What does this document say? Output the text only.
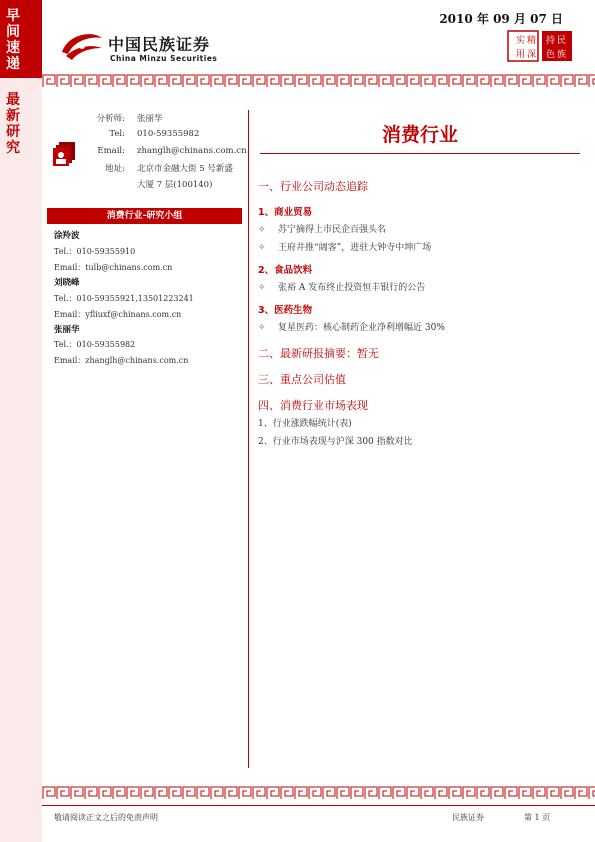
早间速递
最新研究
2010 年 09 月 07 日
中国民族证券
China Minzu Securities
实 精
用 深
持 民
色 族
分析师: 张丽华
Tel: 010-59355982
Email: zhanglh@chinans.com.cn
地址: 北京市金融大街 5 号新盛
大厦 7 层(100140)
消费行业-研究小组
涂羚波
Tel.：010-59355910
Email：tulb@chinans.com.cn
刘晓峰
Tel.：010-59355921,13501223241
Email：yfliuxf@chinans.com.cn
张丽华
Tel.：010-59355982
Email：zhanglh@chinans.com.cn
消费行业
一、行业公司动态追踪
1、商业贸易
✧ 苏宁摘得上市民企百强头名
✧ 王府井推“阔客”，进驻大钟寺中坤广场
2、食品饮料
✧ 张裕 A 发布终止投资恒丰银行的公告
3、医药生物
✧ 复星医药：核心制药企业净利增幅近 30%
二、最新研报摘要：暂无
三、重点公司估值
四、消费行业市场表现
1、行业涨跌幅统计(表)
2、行业市场表现与沪深 300 指数对比
敬请阅读正文之后的免责声明	民族证券	第 1 页
